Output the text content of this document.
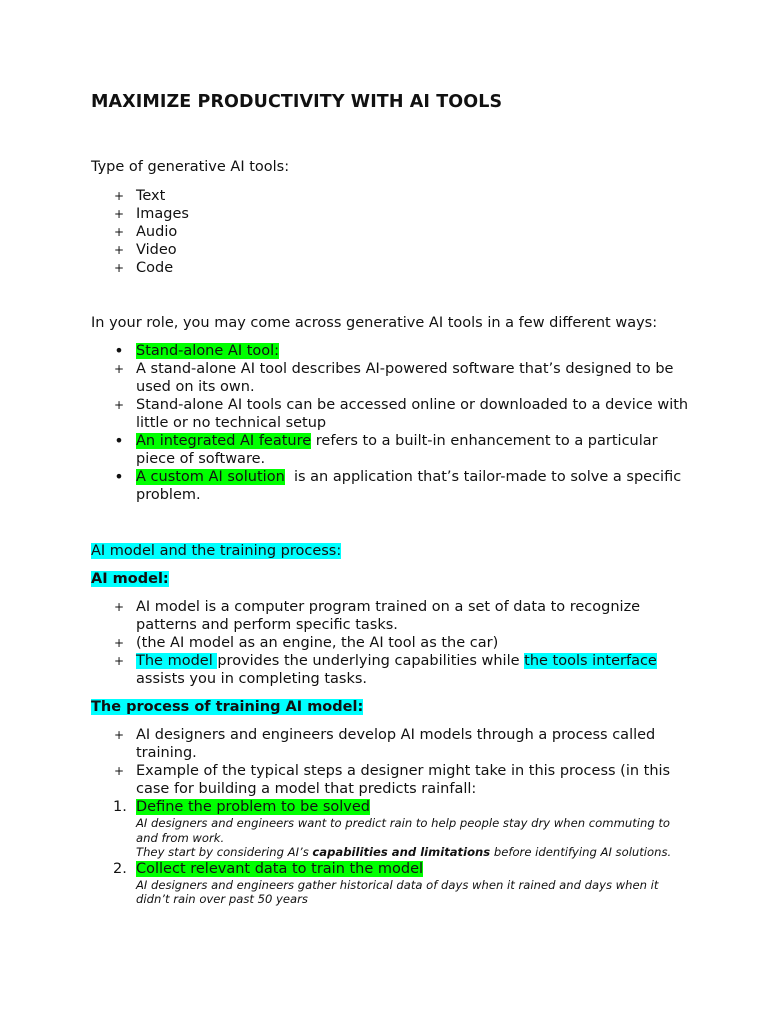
MAXIMIZE PRODUCTIVITY WITH AI TOOLS

Type of generative AI tools:

+ Text
+ Images
+ Audio
+ Video
+ Code

In your role, you may come across generative AI tools in a few different ways:

• Stand-alone AI tool:
+ A stand-alone AI tool describes AI-powered software that’s designed to be used on its own.
+ Stand-alone AI tools can be accessed online or downloaded to a device with little or no technical setup
• An integrated AI feature refers to a built-in enhancement to a particular piece of software.
• A custom AI solution  is an application that’s tailor-made to solve a specific problem.

AI model and the training process:

AI model:

+ AI model is a computer program trained on a set of data to recognize patterns and perform specific tasks.
+ (the AI model as an engine, the AI tool as the car)
+ The model provides the underlying capabilities while the tools interface assists you in completing tasks.

The process of training AI model:

+ AI designers and engineers develop AI models through a process called training.
+ Example of the typical steps a designer might take in this process (in this case for building a model that predicts rainfall:
1. Define the problem to be solved
AI designers and engineers want to predict rain to help people stay dry when commuting to and from work.
They start by considering AI’s capabilities and limitations before identifying AI solutions.
2. Collect relevant data to train the model
AI designers and engineers gather historical data of days when it rained and days when it didn’t rain over past 50 years
